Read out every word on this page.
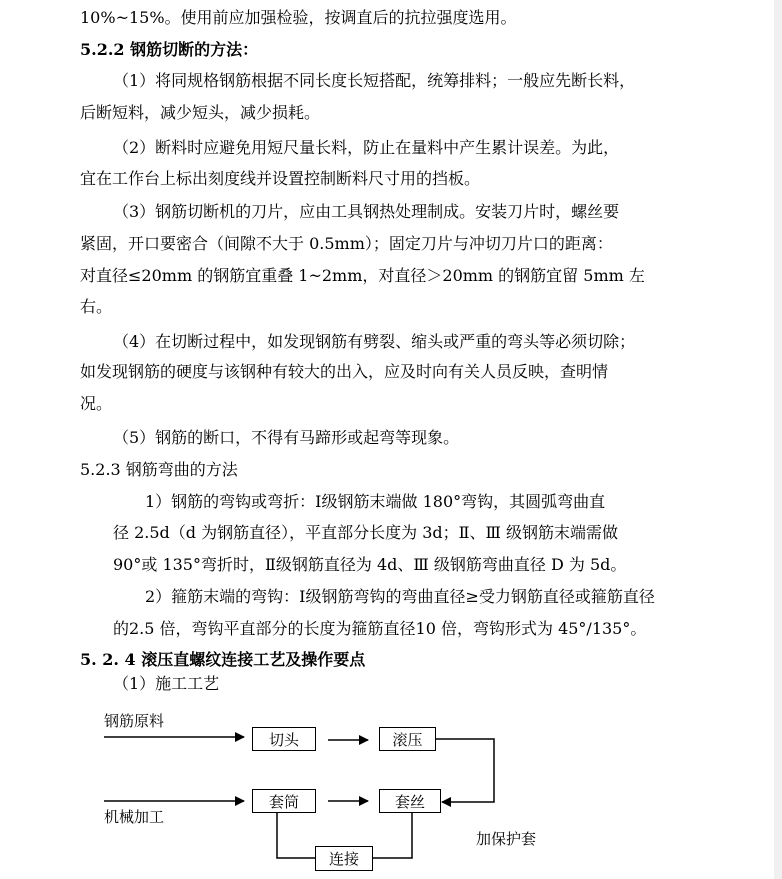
10%~15%。使用前应加强检验，按调直后的抗拉强度选用。
5.2.2 钢筋切断的方法：
（1）将同规格钢筋根据不同长度长短搭配，统筹排料；一般应先断长料，
后断短料，减少短头，减少损耗。
（2）断料时应避免用短尺量长料，防止在量料中产生累计误差。为此，
宜在工作台上标出刻度线并设置控制断料尺寸用的挡板。
（3）钢筋切断机的刀片，应由工具钢热处理制成。安装刀片时，螺丝要
紧固，开口要密合（间隙不大于 0.5mm）；固定刀片与冲切刀片口的距离：
对直径≤20mm 的钢筋宜重叠 1~2mm，对直径＞20mm 的钢筋宜留 5mm 左
右。
（4）在切断过程中，如发现钢筋有劈裂、缩头或严重的弯头等必须切除；
如发现钢筋的硬度与该钢种有较大的出入，应及时向有关人员反映，查明情
况。
（5）钢筋的断口，不得有马蹄形或起弯等现象。
5.2.3 钢筋弯曲的方法
1）钢筋的弯钩或弯折：Ⅰ级钢筋末端做 180°弯钩，其圆弧弯曲直
径 2.5d（d 为钢筋直径），平直部分长度为 3d；Ⅱ、Ⅲ 级钢筋末端需做
90°或 135°弯折时，Ⅱ级钢筋直径为 4d、Ⅲ 级钢筋弯曲直径 D 为 5d。
2）箍筋末端的弯钩：Ⅰ级钢筋弯钩的弯曲直径≥受力钢筋直径或箍筋直径
的2.5 倍，弯钩平直部分的长度为箍筋直径10 倍，弯钩形式为 45°/135°。
5. 2. 4 滚压直螺纹连接工艺及操作要点
（1）施工工艺
钢筋原料
机械加工
切头	滚压
套筒	套丝
连接
加保护套
